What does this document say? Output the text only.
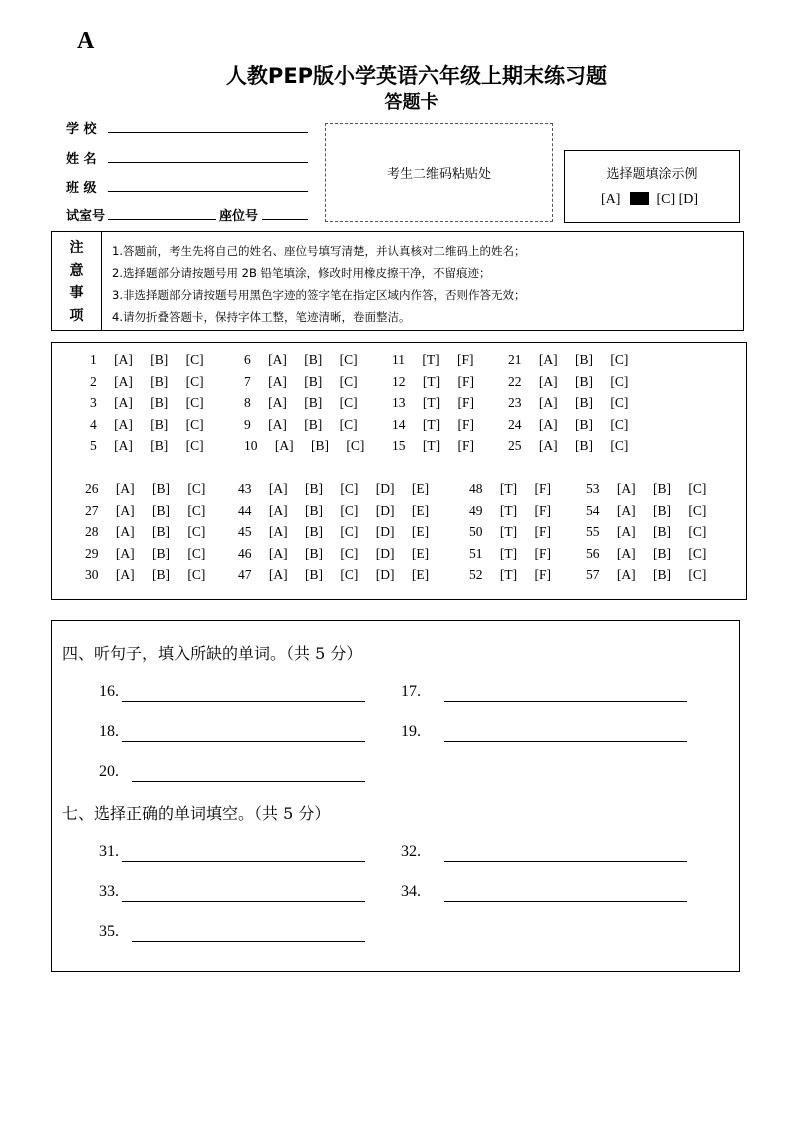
A
人教PEP版小学英语六年级上期末练习题
答题卡
学 校
姓 名
班 级
试室号	座位号
考生二维码粘贴处	选择题填涂示例
[A]	[C] [D]
注
意
事
项
1.答题前，考生先将自己的姓名、座位号填写清楚，并认真核对二维码上的姓名；
2.选择题部分请按题号用 2B 铅笔填涂，修改时用橡皮擦干净，不留痕迹；
3.非选择题部分请按题号用黑色字迹的签字笔在指定区域内作答，否则作答无效；
4.请勿折叠答题卡，保持字体工整，笔迹清晰，卷面整洁。
1 [A] [B] [C]
2 [A] [B] [C]
3 [A] [B] [C]
4 [A] [B] [C]
5 [A] [B] [C]
6 [A] [B] [C]
7 [A] [B] [C]
8 [A] [B] [C]
9 [A] [B] [C]
10 [A] [B] [C]
11 [T] [F]
12 [T] [F]
13 [T] [F]
14 [T] [F]
15 [T] [F]
21 [A] [B] [C]
22 [A] [B] [C]
23 [A] [B] [C]
24 [A] [B] [C]
25 [A] [B] [C]
26 [A] [B] [C]
27 [A] [B] [C]
28 [A] [B] [C]
29 [A] [B] [C]
30 [A] [B] [C]
43 [A] [B] [C] [D] [E]
44 [A] [B] [C] [D] [E]
45 [A] [B] [C] [D] [E]
46 [A] [B] [C] [D] [E]
47 [A] [B] [C] [D] [E]
48 [T] [F]
49 [T] [F]
50 [T] [F]
51 [T] [F]
52 [T] [F]
53 [A] [B] [C]
54 [A] [B] [C]
55 [A] [B] [C]
56 [A] [B] [C]
57 [A] [B] [C]
四、听句子，填入所缺的单词。（共 5 分）
16.	17.
18.	19.
20.
七、选择正确的单词填空。（共 5 分）
31.	32.
33.	34.
35.
